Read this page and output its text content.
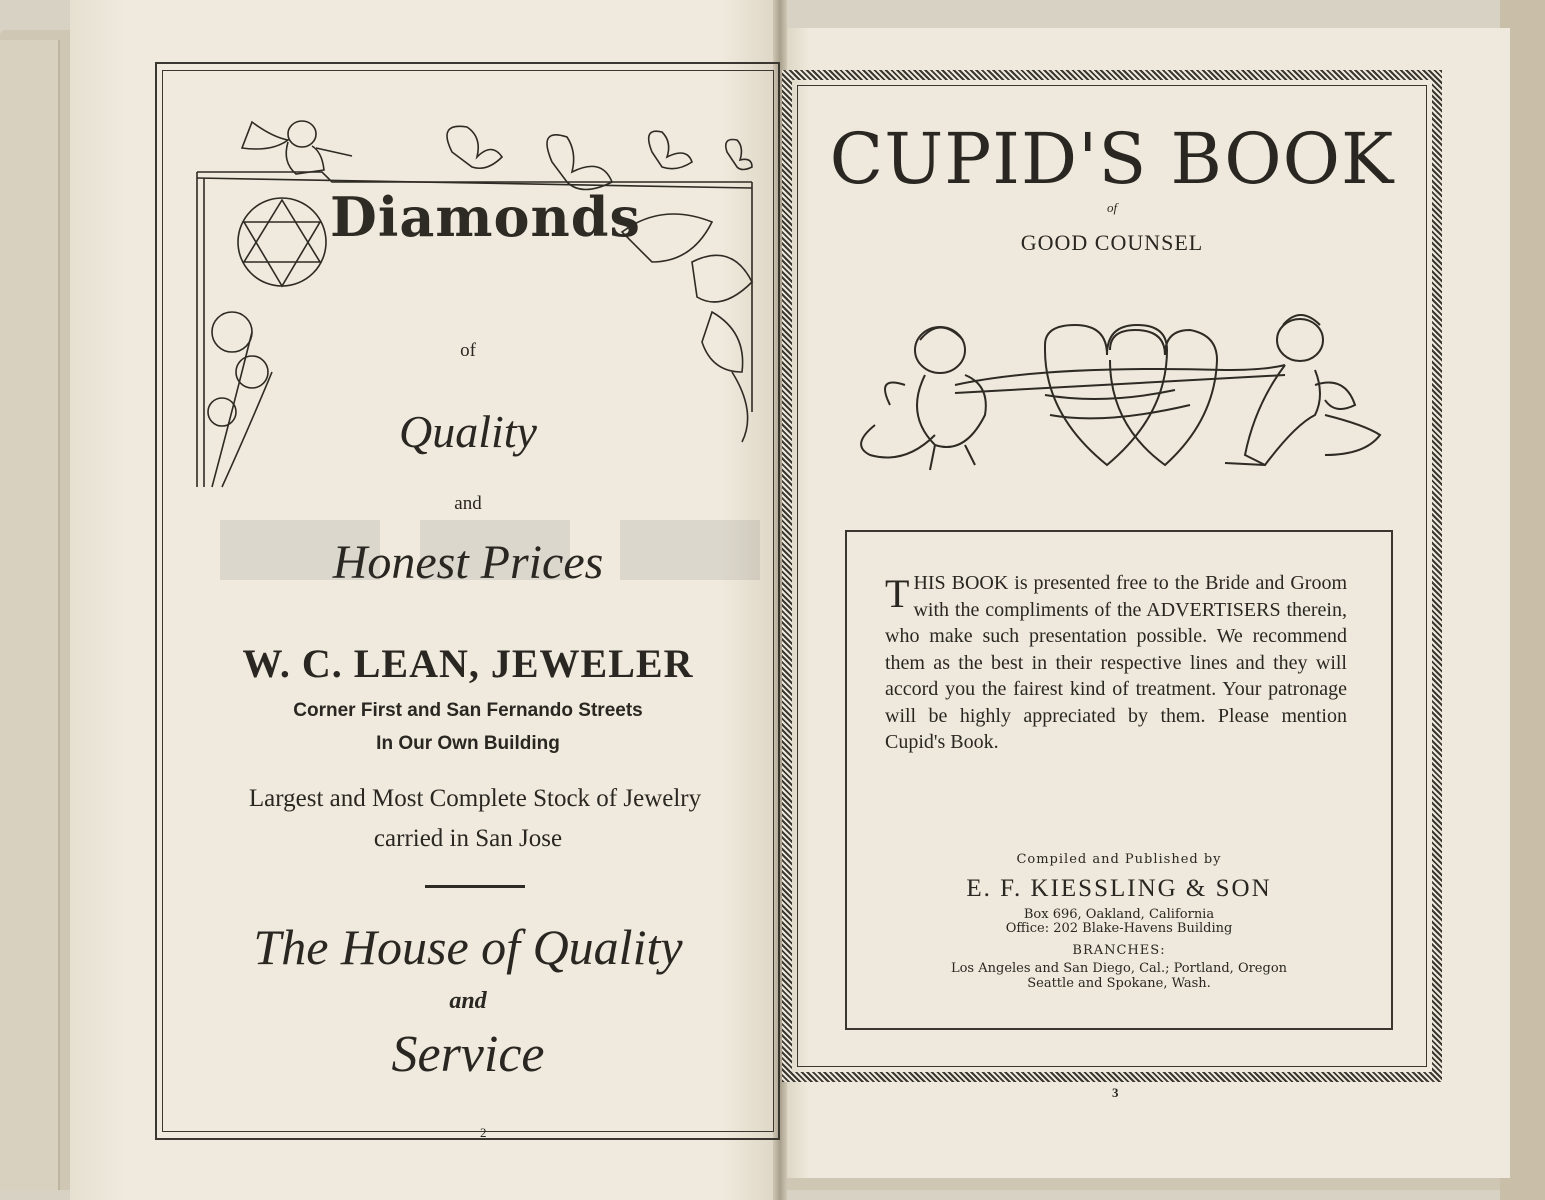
Diamonds
of
Quality
and
Honest Prices
W. C. LEAN, JEWELER
Corner First and San Fernando Streets
In Our Own Building
Largest and Most Complete Stock of Jewelry
carried in San Jose
The House of Quality
and
Service
2
CUPID'S BOOK
of
GOOD COUNSEL
THIS BOOK is presented free to the Bride and Groom with the compliments of the ADVERTISERS therein, who make such presentation possible. We recommend them as the best in their respective lines and they will accord you the fairest kind of treatment. Your patronage will be highly appreciated by them. Please mention Cupid's Book.
Compiled and Published by
E. F. KIESSLING & SON
Box 696, Oakland, California
Office: 202 Blake-Havens Building
BRANCHES:
Los Angeles and San Diego, Cal.; Portland, Oregon
Seattle and Spokane, Wash.
3
